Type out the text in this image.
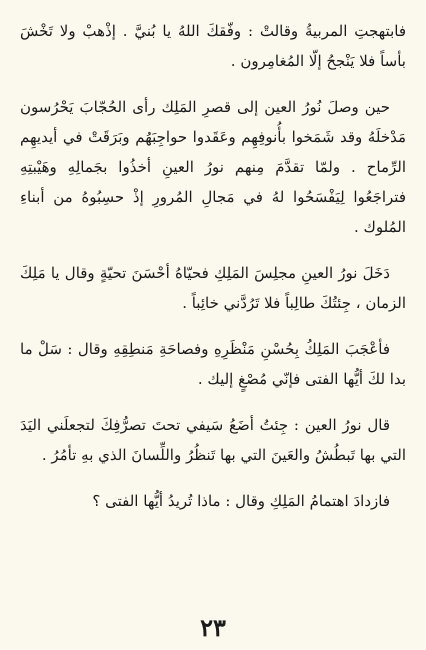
فابتهجتِ المربيةُ وقالتْ : وفّقكَ اللهُ يا بُنيَّ . إذْهبْ ولا تَخْشَ بأساً فلا يَنْجحُ إلّا المُغامِرون .

حين وصلَ نُورُ العين إلى قصرِ المَلِك رأى الحُجّابَ يَحْرُسون مَدْخلَهُ وقد شَمَخوا بأُنوفِهِم وعَقَدوا حواجِبَهُم وبَرَقَتْ في أيديهِم الرِّماح . ولمّا تقدَّمَ مِنهم نورُ العينِ أخذُوا بجَمالِهِ وهَيْبتِهِ فتراجَعُوا لِيَفْسَحُوا لهُ في مَجالِ المُرورِ إذْ حسِبُوهُ من أبناءِ المُلوك .

دَخَلَ نورُ العينِ مجلِسَ المَلِكِ فحيّاهُ أحْسَنَ تحيّةٍ وقال يا مَلِكَ الزمان ، جِئتُكَ طالِباً فلا تَرُدَّني خائِباً .

فأعْجَبَ المَلِكُ بِحُسْنِ مَنْظَرِهِ وفصاحَةِ مَنطِقِهِ وقال : سَلْ ما بدا لكَ أيُّها الفتى فإنّي مُصْغٍ إليك .

قال نورُ العين : جِئتُ أضَعُ سَيفي تحتَ تصرُّفِكَ لتجعلَني اليَدَ التي بها تَبطُشُ والعَينَ التي بها تَنظُرُ واللِّسانَ الذي بهِ تأمُرُ .

فازدادَ اهتمامُ المَلِكِ وقال : ماذا تُريدُ أيُّها الفتى ؟

٢٣
